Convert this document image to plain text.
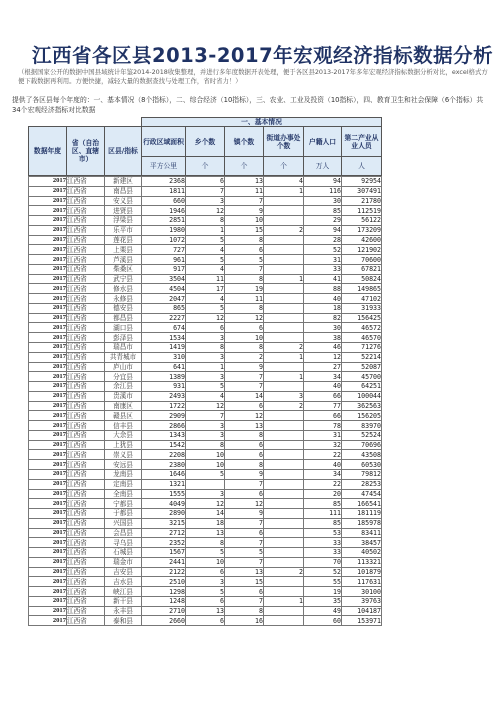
江西省各区县2013-2017年宏观经济指标数据分析
（根据国家公开的数据中国县域统计年鉴2014-2018收集整理，并进行多年度数据开表处理，便于各区县2013-2017年多年宏观经济指标数据分析对比，excel格式方便下载数据再利用。方便快捷，减轻大量的数据查找与处理工作，省时省力！）
提供了各区县每个年度的：一、基本情况（8个指标），二、综合经济（10指标），三、农业、工业及投资（10指标），四、教育卫生和社会保障（6个指标）共34个宏观经济指标对比数据
			一、基本情况					
数据年度	省（自治区、直辖市）	区县/指标	行政区域面积	乡个数	镇个数	街道办事处个数	户籍人口	第二产业从业人员
			平方公里	个	个	个	万人	人
2017	江西省	新建区	2368	6	13	4	94	92954
2017	江西省	南昌县	1811	7	11	1	116	307491
2017	江西省	安义县	660	3	7		30	21780
2017	江西省	进贤县	1946	12	9		85	112519
2017	江西省	浮梁县	2851	8	10		29	56122
2017	江西省	乐平市	1980	1	15	2	94	173209
2017	江西省	莲花县	1072	5	8		28	42600
2017	江西省	上栗县	727	4	6		52	121902
2017	江西省	芦溪县	961	5	5		31	70600
2017	江西省	柴桑区	917	4	7		33	67821
2017	江西省	武宁县	3504	11	8	1	41	50824
2017	江西省	修水县	4504	17	19		88	149865
2017	江西省	永修县	2047	4	11		40	47102
2017	江西省	德安县	865	5	8		18	31933
2017	江西省	都昌县	2227	12	12		82	156425
2017	江西省	湖口县	674	6	6		30	46572
2017	江西省	彭泽县	1534	3	10		38	46570
2017	江西省	瑞昌市	1419	8	8	2	46	71276
2017	江西省	共青城市	310	3	2	1	12	52214
2017	江西省	庐山市	641	1	9		27	52087
2017	江西省	分宜县	1389	3	7	1	34	45700
2017	江西省	余江县	931	5	7		40	64251
2017	江西省	贵溪市	2493	4	14	3	66	100044
2017	江西省	南康区	1722	12	6	2	77	362563
2017	江西省	赣县区	2909	7	12		66	156205
2017	江西省	信丰县	2866	3	13		78	83970
2017	江西省	大余县	1343	3	8		31	52524
2017	江西省	上犹县	1542	8	6		32	70696
2017	江西省	崇义县	2208	10	6		22	43508
2017	江西省	安远县	2380	10	8		40	60530
2017	江西省	龙南县	1646	5	9		34	79812
2017	江西省	定南县	1321		7		22	28253
2017	江西省	全南县	1555	3	6		20	47454
2017	江西省	宁都县	4049	12	12		85	166541
2017	江西省	于都县	2890	14	9		111	181119
2017	江西省	兴国县	3215	18	7		85	185978
2017	江西省	会昌县	2712	13	6		53	83411
2017	江西省	寻乌县	2352	8	7		33	38457
2017	江西省	石城县	1567	5	5		33	40502
2017	江西省	瑞金市	2441	10	7		70	113321
2017	江西省	吉安县	2122	6	13	2	52	101879
2017	江西省	吉水县	2510	3	15		55	117631
2017	江西省	峡江县	1298	5	6		19	30100
2017	江西省	新干县	1248	6	7	1	35	39763
2017	江西省	永丰县	2710	13	8		49	104187
2017	江西省	泰和县	2660	6	16		60	153971
